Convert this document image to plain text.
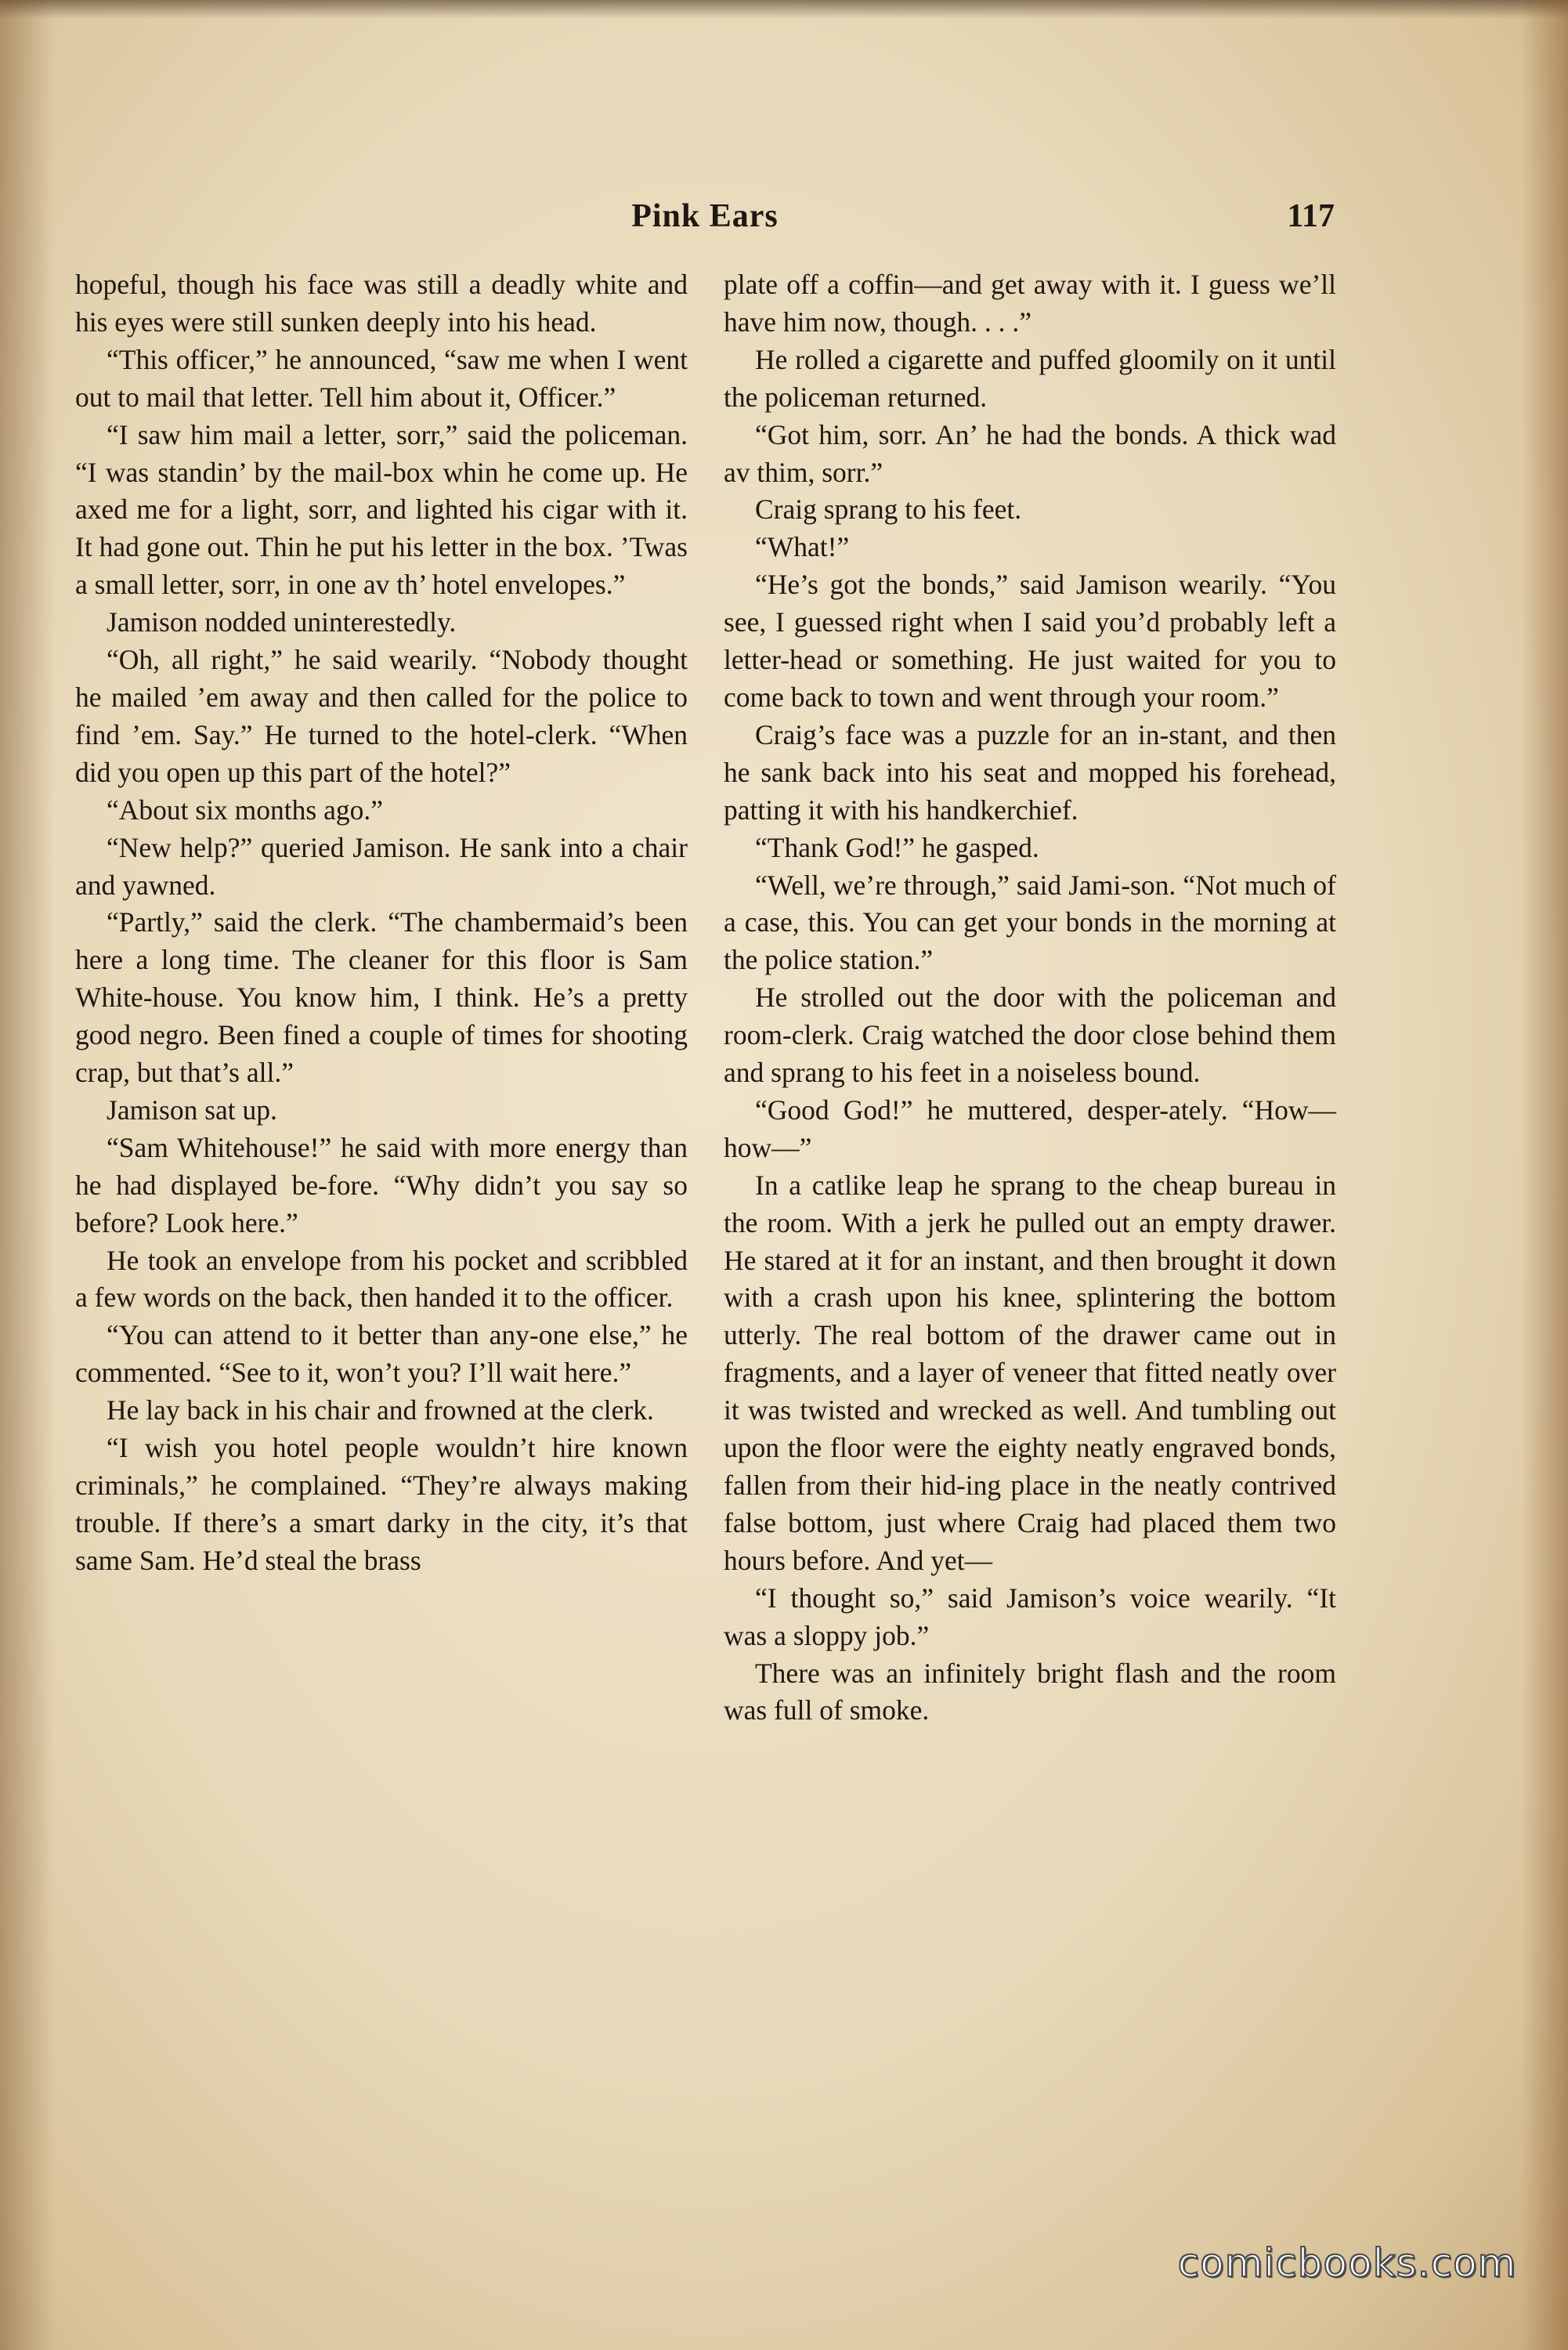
Pink Ears	117

hopeful, though his face was still a deadly white and his eyes were still sunken deeply into his head.

“This officer,” he announced, “saw me when I went out to mail that letter. Tell him about it, Officer.”

“I saw him mail a letter, sorr,” said the policeman. “I was standin’ by the mail-box whin he come up. He axed me for a light, sorr, and lighted his cigar with it. It had gone out. Thin he put his letter in the box. ’Twas a small letter, sorr, in one av th’ hotel envelopes.”

Jamison nodded uninterestedly.

“Oh, all right,” he said wearily. “Nobody thought he mailed ’em away and then called for the police to find ’em. Say.” He turned to the hotel-clerk. “When did you open up this part of the hotel?”

“About six months ago.”

“New help?” queried Jamison. He sank into a chair and yawned.

“Partly,” said the clerk. “The chambermaid’s been here a long time. The cleaner for this floor is Sam White-house. You know him, I think. He’s a pretty good negro. Been fined a couple of times for shooting crap, but that’s all.”

Jamison sat up.

“Sam Whitehouse!” he said with more energy than he had displayed be-fore. “Why didn’t you say so before? Look here.”

He took an envelope from his pocket and scribbled a few words on the back, then handed it to the officer.

“You can attend to it better than any-one else,” he commented. “See to it, won’t you? I’ll wait here.”

He lay back in his chair and frowned at the clerk.

“I wish you hotel people wouldn’t hire known criminals,” he complained. “They’re always making trouble. If there’s a smart darky in the city, it’s that same Sam. He’d steal the brass

plate off a coffin—and get away with it. I guess we’ll have him now, though. . . .”

He rolled a cigarette and puffed gloomily on it until the policeman returned.

“Got him, sorr. An’ he had the bonds. A thick wad av thim, sorr.”

Craig sprang to his feet.

“What!”

“He’s got the bonds,” said Jamison wearily. “You see, I guessed right when I said you’d probably left a letter-head or something. He just waited for you to come back to town and went through your room.”

Craig’s face was a puzzle for an in-stant, and then he sank back into his seat and mopped his forehead, patting it with his handkerchief.

“Thank God!” he gasped.

“Well, we’re through,” said Jami-son. “Not much of a case, this. You can get your bonds in the morning at the police station.”

He strolled out the door with the policeman and room-clerk. Craig watched the door close behind them and sprang to his feet in a noiseless bound.

“Good God!” he muttered, desper-ately. “How—how—”

In a catlike leap he sprang to the cheap bureau in the room. With a jerk he pulled out an empty drawer. He stared at it for an instant, and then brought it down with a crash upon his knee, splintering the bottom utterly. The real bottom of the drawer came out in fragments, and a layer of veneer that fitted neatly over it was twisted and wrecked as well. And tumbling out upon the floor were the eighty neatly engraved bonds, fallen from their hid-ing place in the neatly contrived false bottom, just where Craig had placed them two hours before. And yet—

“I thought so,” said Jamison’s voice wearily. “It was a sloppy job.”

There was an infinitely bright flash and the room was full of smoke.

comicbooks.com
